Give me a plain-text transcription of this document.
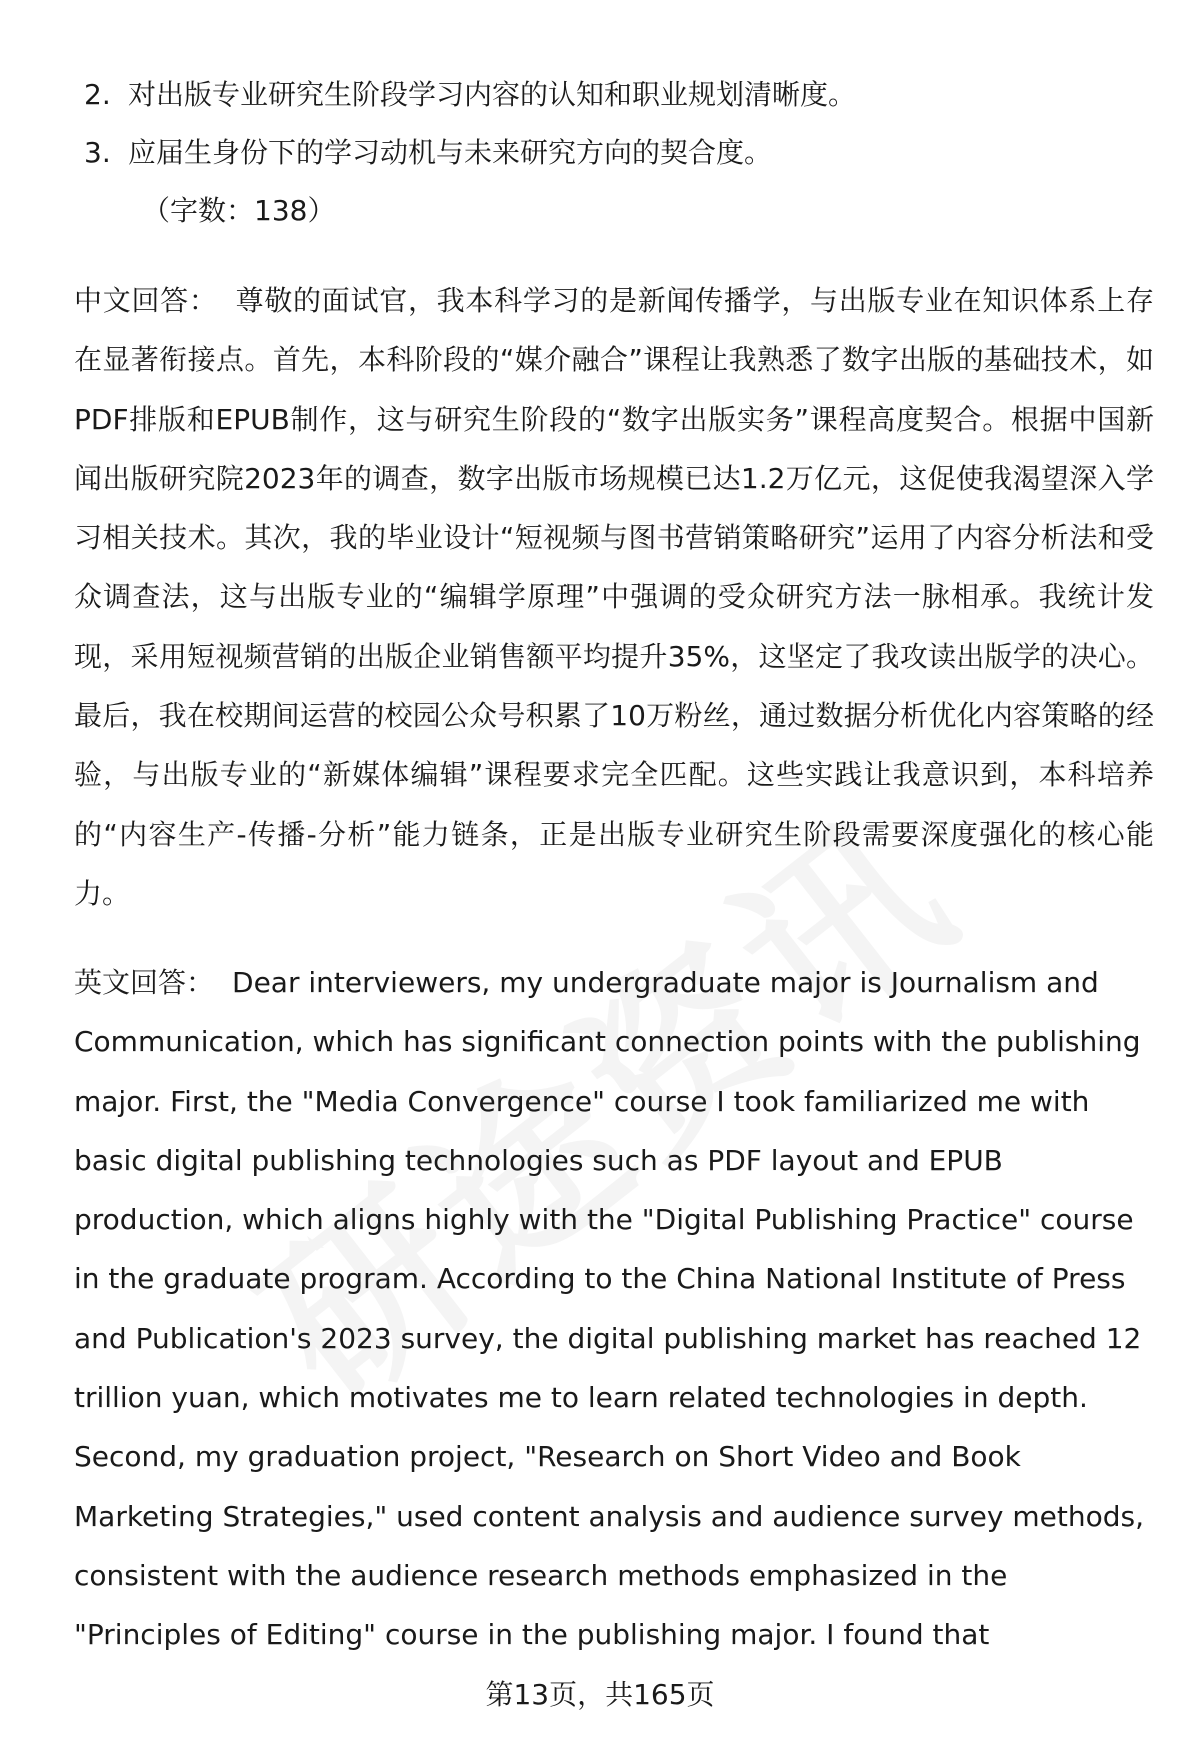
2. 对出版专业研究生阶段学习内容的认知和职业规划清晰度。
3. 应届生身份下的学习动机与未来研究方向的契合度。
（字数：138）
中文回答： 尊敬的面试官，我本科学习的是新闻传播学，与出版专业在知识体系上存在显著衔接点。首先，本科阶段的“媒介融合”课程让我熟悉了数字出版的基础技术，如PDF排版和EPUB制作，这与研究生阶段的“数字出版实务”课程高度契合。根据中国新闻出版研究院2023年的调查，数字出版市场规模已达1.2万亿元，这促使我渴望深入学习相关技术。其次，我的毕业设计“短视频与图书营销策略研究”运用了内容分析法和受众调查法，这与出版专业的“编辑学原理”中强调的受众研究方法一脉相承。我统计发现，采用短视频营销的出版企业销售额平均提升35%，这坚定了我攻读出版学的决心。最后，我在校期间运营的校园公众号积累了10万粉丝，通过数据分析优化内容策略的经验，与出版专业的“新媒体编辑”课程要求完全匹配。这些实践让我意识到，本科培养的“内容生产-传播-分析”能力链条，正是出版专业研究生阶段需要深度强化的核心能力。
英文回答： Dear interviewers, my undergraduate major is Journalism and Communication, which has significant connection points with the publishing major. First, the "Media Convergence" course I took familiarized me with basic digital publishing technologies such as PDF layout and EPUB production, which aligns highly with the "Digital Publishing Practice" course in the graduate program. According to the China National Institute of Press and Publication's 2023 survey, the digital publishing market has reached 12 trillion yuan, which motivates me to learn related technologies in depth. Second, my graduation project, "Research on Short Video and Book Marketing Strategies," used content analysis and audience survey methods, consistent with the audience research methods emphasized in the "Principles of Editing" course in the publishing major. I found that
第13页，共165页
